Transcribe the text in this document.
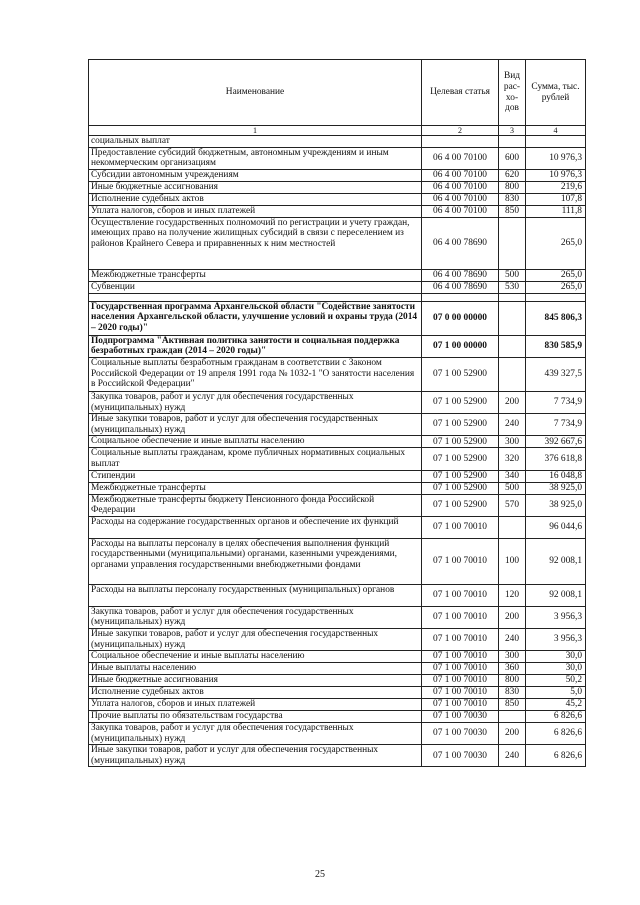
Наименование	Целевая статья	Вид рас- хо- дов	Сумма, тыс. рублей
1	2	3	4
социальных выплат			
Предоставление субсидий бюджетным, автономным учреждениям и иным некоммерческим организациям	06 4 00 70100	600	10 976,3
Субсидии автономным учреждениям	06 4 00 70100	620	10 976,3
Иные бюджетные ассигнования	06 4 00 70100	800	219,6
Исполнение судебных актов	06 4 00 70100	830	107,8
Уплата налогов, сборов и иных платежей	06 4 00 70100	850	111,8
Осуществление государственных полномочий по регистрации и учету граждан, имеющих право на получение жилищных субсидий в связи с переселением из районов Крайнего Севера и приравненных к ним местностей	06 4 00 78690		265,0
Межбюджетные трансферты	06 4 00 78690	500	265,0
Субвенции	06 4 00 78690	530	265,0

Государственная программа Архангельской области "Содействие занятости населения Архангельской области, улучшение условий и охраны труда (2014 – 2020 годы)"	07 0 00 00000		845 806,3
Подпрограмма "Активная политика занятости и социальная поддержка безработных граждан (2014 – 2020 годы)"	07 1 00 00000		830 585,9
Социальные выплаты безработным гражданам в соответствии с Законом Российской Федерации от 19 апреля 1991 года № 1032-1 "О занятости населения в Российской Федерации"	07 1 00 52900		439 327,5
Закупка товаров, работ и услуг для обеспечения государственных (муниципальных) нужд	07 1 00 52900	200	7 734,9
Иные закупки товаров, работ и услуг для обеспечения государственных (муниципальных) нужд	07 1 00 52900	240	7 734,9
Социальное обеспечение и иные выплаты населению	07 1 00 52900	300	392 667,6
Социальные выплаты гражданам, кроме публичных нормативных социальных выплат	07 1 00 52900	320	376 618,8
Стипендии	07 1 00 52900	340	16 048,8
Межбюджетные трансферты	07 1 00 52900	500	38 925,0
Межбюджетные трансферты бюджету Пенсионного фонда Российской Федерации	07 1 00 52900	570	38 925,0
Расходы на содержание государственных органов и обеспечение их функций	07 1 00 70010		96 044,6
Расходы на выплаты персоналу в целях обеспечения выполнения функций государственными (муниципальными) органами, казенными учреждениями, органами управления государственными внебюджетными фондами	07 1 00 70010	100	92 008,1
Расходы на выплаты персоналу государственных (муниципальных) органов	07 1 00 70010	120	92 008,1
Закупка товаров, работ и услуг для обеспечения государственных (муниципальных) нужд	07 1 00 70010	200	3 956,3
Иные закупки товаров, работ и услуг для обеспечения государственных (муниципальных) нужд	07 1 00 70010	240	3 956,3
Социальное обеспечение и иные выплаты населению	07 1 00 70010	300	30,0
Иные выплаты населению	07 1 00 70010	360	30,0
Иные бюджетные ассигнования	07 1 00 70010	800	50,2
Исполнение судебных актов	07 1 00 70010	830	5,0
Уплата налогов, сборов и иных платежей	07 1 00 70010	850	45,2
Прочие выплаты по обязательствам государства	07 1 00 70030		6 826,6
Закупка товаров, работ и услуг для обеспечения государственных (муниципальных) нужд	07 1 00 70030	200	6 826,6
Иные закупки товаров, работ и услуг для обеспечения государственных (муниципальных) нужд	07 1 00 70030	240	6 826,6
25
